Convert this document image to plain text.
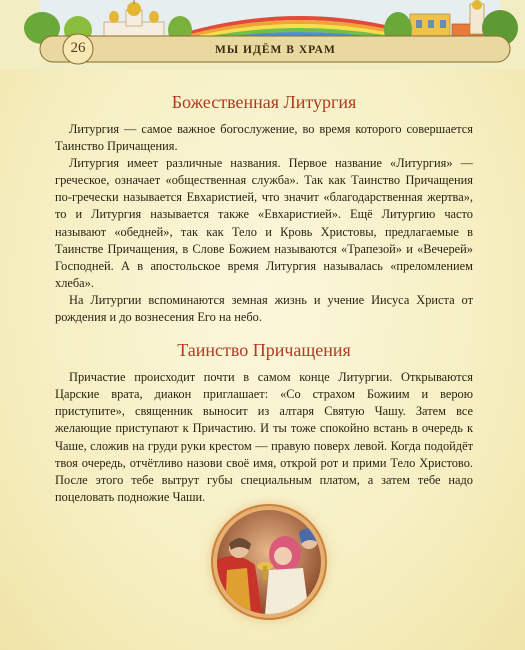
26	МЫ ИДЁМ В ХРАМ
Божественная Литургия

Литургия — самое важное богослужение, во время которого совершается Таинство Причащения.

Литургия имеет различные названия. Первое название «Литургия» — греческое, означает «общественная служба». Так как Таинство Причащения по-гречески называется Евхаристией, что значит «благодарственная жертва», то и Литургия называется также «Евхаристией». Ещё Литургию часто называют «обедней», так как Тело и Кровь Христовы, предлагаемые в Таинстве Причащения, в Слове Божием называются «Трапезой» и «Вечерей» Господней. А в апостольское время Литургия называлась «преломлением хлеба».

На Литургии вспоминаются земная жизнь и учение Иисуса Христа от рождения и до вознесения Его на небо.

Таинство Причащения

Причастие происходит почти в самом конце Литургии. Открываются Царские врата, диакон приглашает: «Со страхом Божиим и верою приступите», священник выносит из алтаря Святую Чашу. Затем все желающие приступают к Причастию. И ты тоже спокойно встань в очередь к Чаше, сложив на груди руки крестом — правую поверх левой. Когда подойдёт твоя очередь, отчётливо назови своё имя, открой рот и прими Тело Христово. После этого тебе вытрут губы специальным платом, а затем тебе надо поцеловать подножие Чаши.
